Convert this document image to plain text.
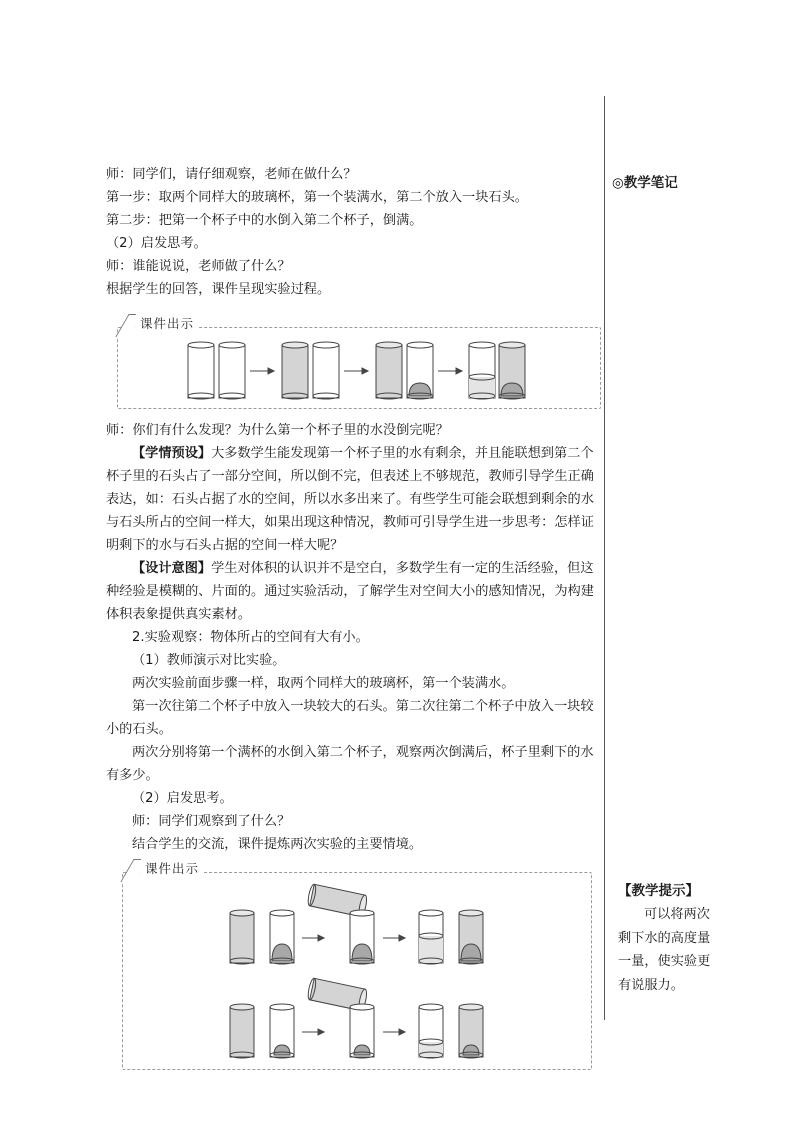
◎教学笔记
【教学提示】
可以将两次剩下水的高度量一量，使实验更有说服力。

师：同学们，请仔细观察，老师在做什么？

第一步：取两个同样大的玻璃杯，第一个装满水，第二个放入一块石头。

第二步：把第一个杯子中的水倒入第二个杯子，倒满。

（2）启发思考。

师：谁能说说，老师做了什么？

根据学生的回答，课件呈现实验过程。

课件出示

师：你们有什么发现？为什么第一个杯子里的水没倒完呢？

【学情预设】大多数学生能发现第一个杯子里的水有剩余，并且能联想到第二个杯子里的石头占了一部分空间，所以倒不完，但表述上不够规范，教师引导学生正确表达，如：石头占据了水的空间，所以水多出来了。有些学生可能会联想到剩余的水与石头所占的空间一样大，如果出现这种情况，教师可引导学生进一步思考：怎样证明剩下的水与石头占据的空间一样大呢？

【设计意图】学生对体积的认识并不是空白，多数学生有一定的生活经验，但这种经验是模糊的、片面的。通过实验活动，了解学生对空间大小的感知情况，为构建体积表象提供真实素材。

2.实验观察：物体所占的空间有大有小。

（1）教师演示对比实验。

两次实验前面步骤一样，取两个同样大的玻璃杯，第一个装满水。

第一次往第二个杯子中放入一块较大的石头。第二次往第二个杯子中放入一块较小的石头。

两次分别将第一个满杯的水倒入第二个杯子，观察两次倒满后，杯子里剩下的水有多少。

（2）启发思考。

师：同学们观察到了什么？

结合学生的交流，课件提炼两次实验的主要情境。

课件出示
